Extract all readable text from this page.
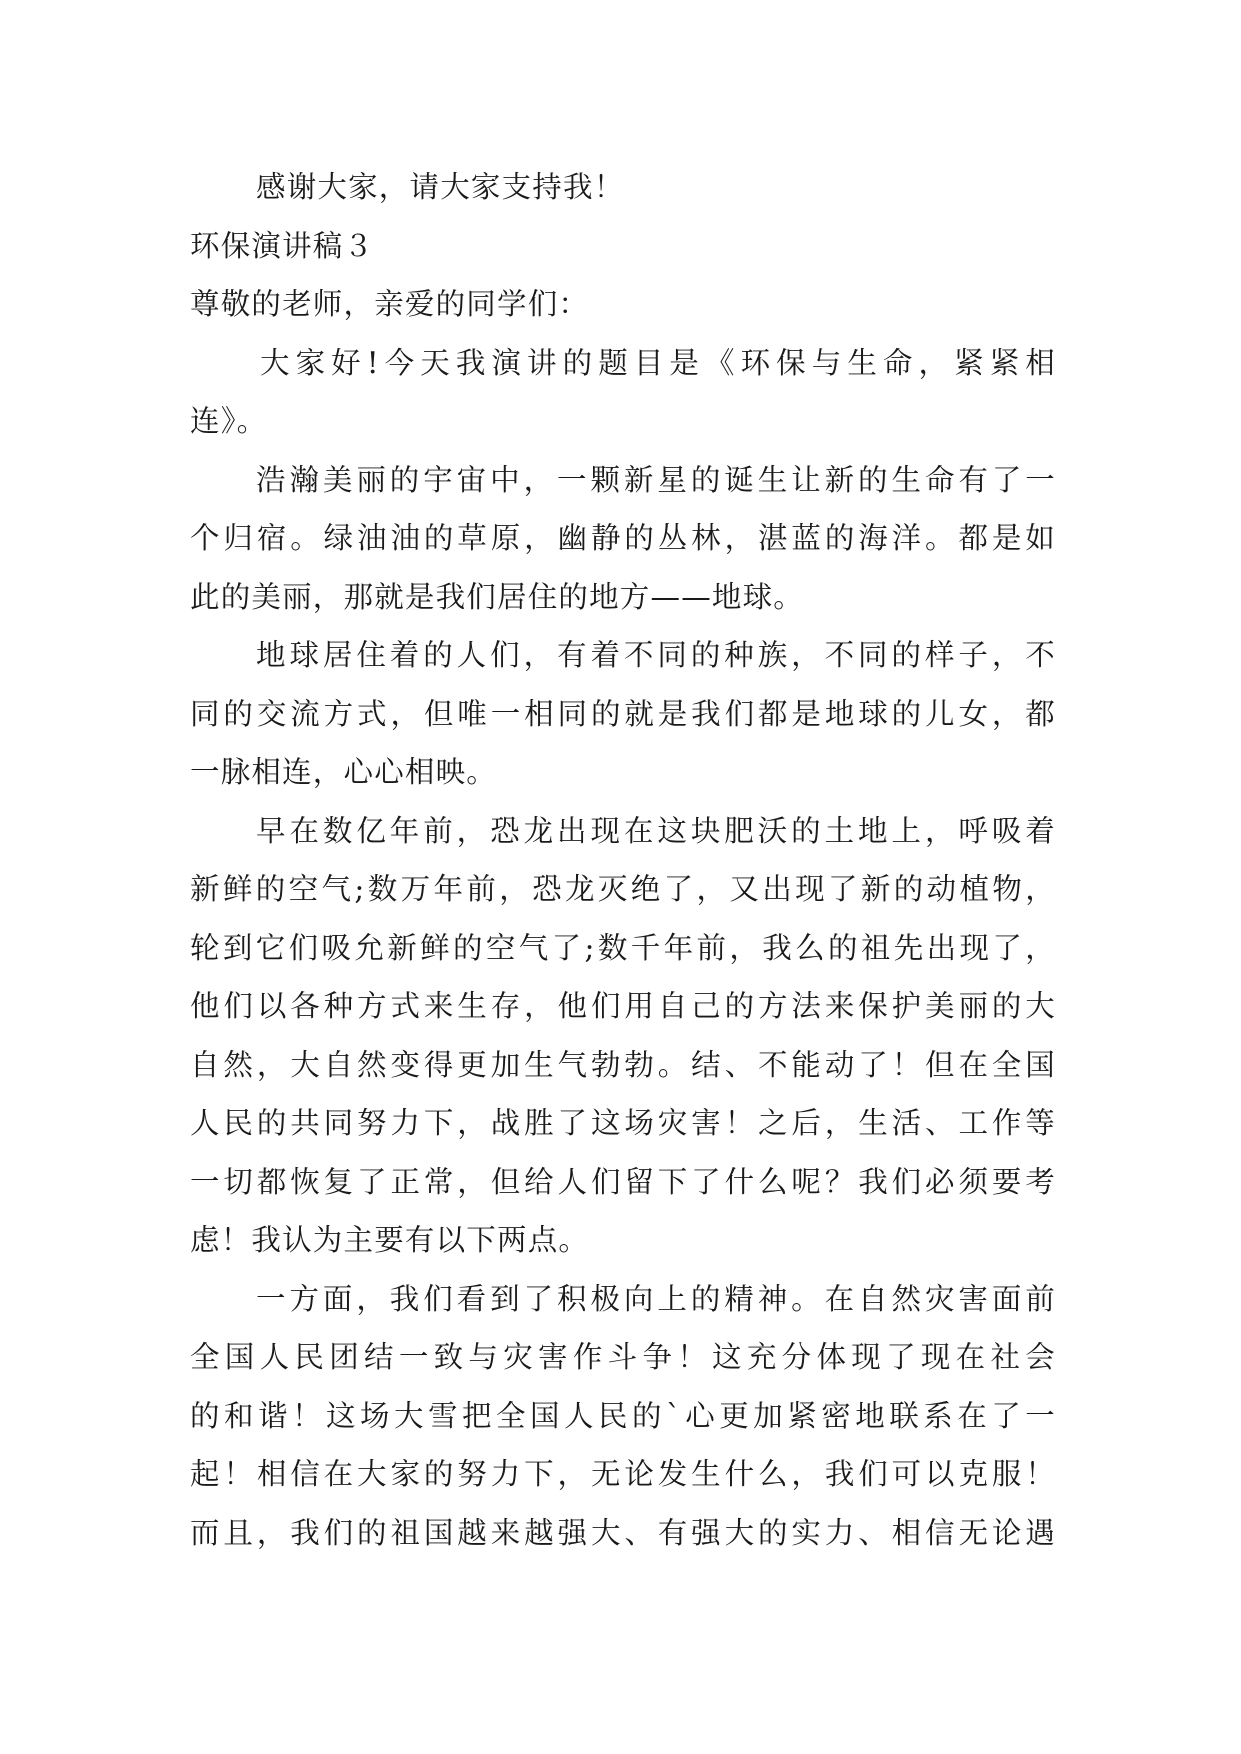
感谢大家，请大家支持我！
环保演讲稿３
尊敬的老师，亲爱的同学们：
大家好!今天我演讲的题目是《环保与生命，紧紧相
连》。
浩瀚美丽的宇宙中，一颗新星的诞生让新的生命有了一
个归宿。绿油油的草原，幽静的丛林，湛蓝的海洋。都是如
此的美丽，那就是我们居住的地方——地球。
地球居住着的人们，有着不同的种族，不同的样子，不
同的交流方式，但唯一相同的就是我们都是地球的儿女，都
一脉相连，心心相映。
早在数亿年前，恐龙出现在这块肥沃的土地上，呼吸着
新鲜的空气;数万年前，恐龙灭绝了，又出现了新的动植物，
轮到它们吸允新鲜的空气了;数千年前，我么的祖先出现了，
他们以各种方式来生存，他们用自己的方法来保护美丽的大
自然，大自然变得更加生气勃勃。结、不能动了！但在全国
人民的共同努力下，战胜了这场灾害！之后，生活、工作等
一切都恢复了正常，但给人们留下了什么呢？我们必须要考
虑！我认为主要有以下两点。
一方面，我们看到了积极向上的精神。在自然灾害面前
全国人民团结一致与灾害作斗争！这充分体现了现在社会
的和谐！这场大雪把全国人民的`心更加紧密地联系在了一
起！相信在大家的努力下，无论发生什么，我们可以克服！
而且，我们的祖国越来越强大、有强大的实力、相信无论遇
